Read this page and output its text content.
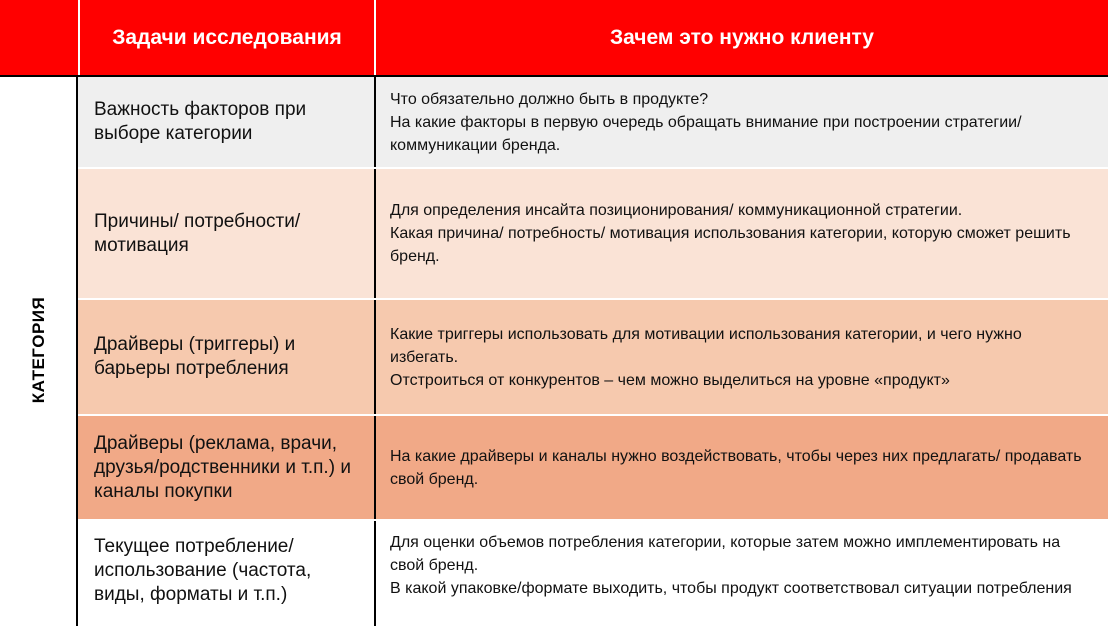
Задачи исследования	Зачем это нужно клиенту
КАТЕГОРИЯ
Важность факторов при выборе категории
Что обязательно должно быть в продукте?
На какие факторы в первую очередь обращать внимание при построении стратегии/ коммуникации бренда.
Причины/ потребности/ мотивация
Для определения инсайта позиционирования/ коммуникационной стратегии.
Какая причина/ потребность/ мотивация использования категории, которую сможет решить бренд.
Драйверы (триггеры) и барьеры потребления
Какие триггеры использовать для мотивации использования категории, и чего нужно избегать.
Отстроиться от конкурентов – чем можно выделиться на уровне «продукт»
Драйверы (реклама, врачи, друзья/родственники и т.п.) и каналы покупки
На какие драйверы и каналы нужно воздействовать, чтобы через них предлагать/ продавать свой бренд.
Текущее потребление/ использование (частота, виды, форматы и т.п.)
Для оценки объемов потребления категории, которые затем можно имплементировать на свой бренд.
В какой упаковке/формате выходить, чтобы продукт соответствовал ситуации потребления
